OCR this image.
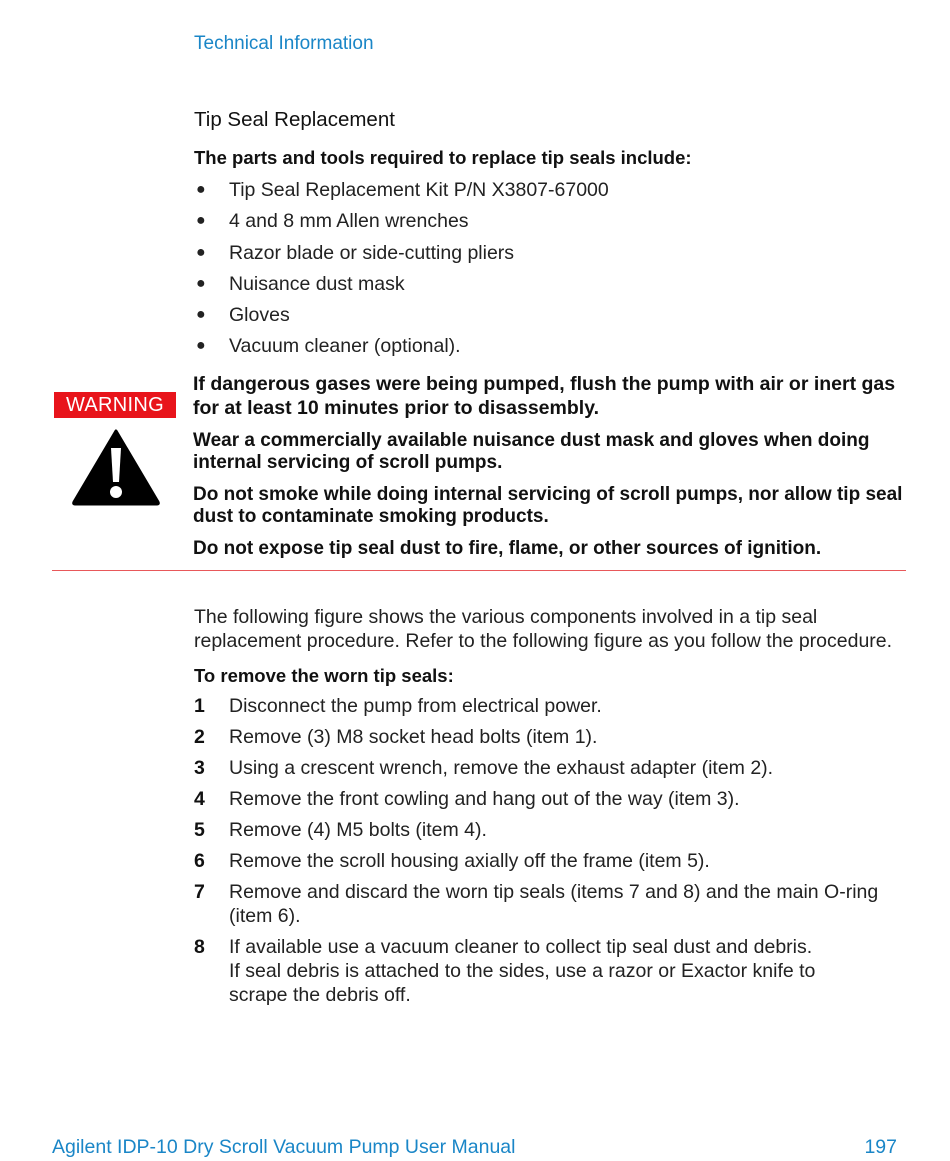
Technical Information
Tip Seal Replacement
The parts and tools required to replace tip seals include:
● Tip Seal Replacement Kit P/N X3807-67000
● 4 and 8 mm Allen wrenches
● Razor blade or side-cutting pliers
● Nuisance dust mask
● Gloves
● Vacuum cleaner (optional).
WARNING

If dangerous gases were being pumped, flush the pump with air or inert gas for at least 10 minutes prior to disassembly.

Wear a commercially available nuisance dust mask and gloves when doing internal servicing of scroll pumps.

Do not smoke while doing internal servicing of scroll pumps, nor allow tip seal dust to contaminate smoking products.

Do not expose tip seal dust to fire, flame, or other sources of ignition.

The following figure shows the various components involved in a tip seal replacement procedure. Refer to the following figure as you follow the procedure.
To remove the worn tip seals:
1 Disconnect the pump from electrical power.
2 Remove (3) M8 socket head bolts (item 1).
3 Using a crescent wrench, remove the exhaust adapter (item 2).
4 Remove the front cowling and hang out of the way (item 3).
5 Remove (4) M5 bolts (item 4).
6 Remove the scroll housing axially off the frame (item 5).
7 Remove and discard the worn tip seals (items 7 and 8) and the main O-ring (item 6).
8 If available use a vacuum cleaner to collect tip seal dust and debris.
If seal debris is attached to the sides, use a razor or Exactor knife to scrape the debris off.
Agilent IDP-10 Dry Scroll Vacuum Pump User Manual	197
